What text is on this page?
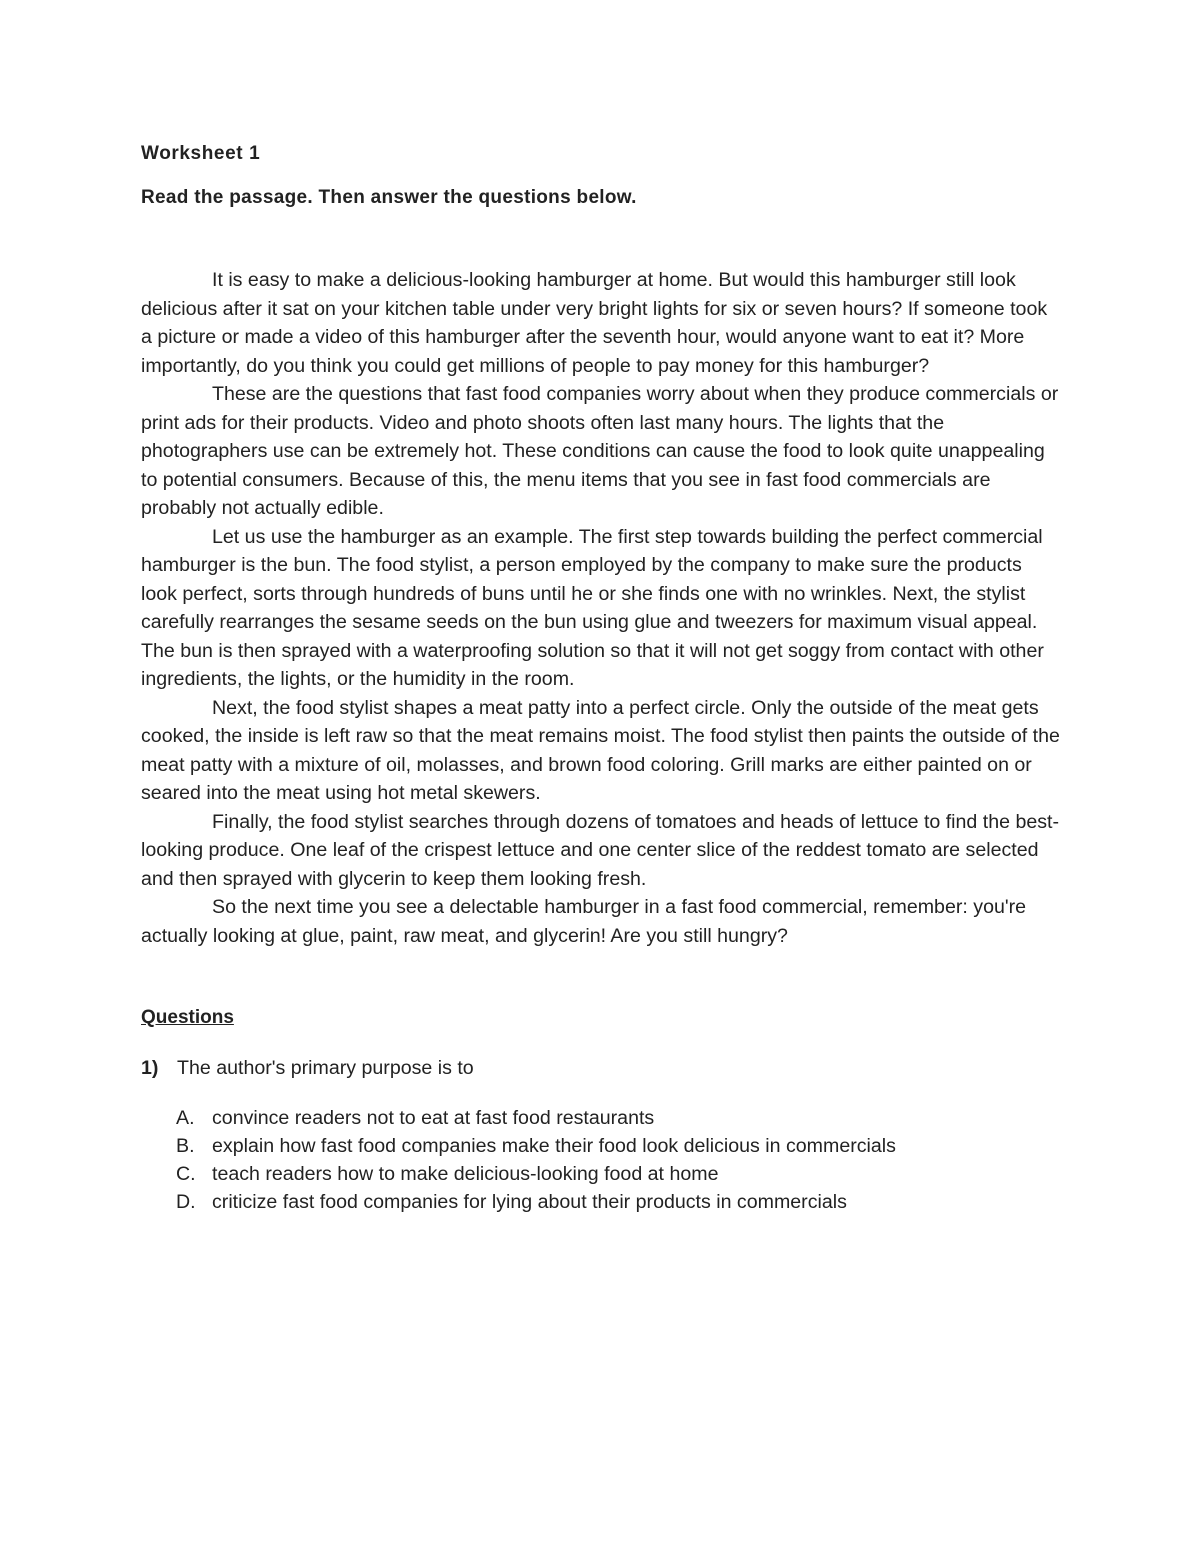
Worksheet 1
Read the passage. Then answer the questions below.

It is easy to make a delicious-looking hamburger at home. But would this hamburger still look delicious after it sat on your kitchen table under very bright lights for six or seven hours? If someone took a picture or made a video of this hamburger after the seventh hour, would anyone want to eat it? More importantly, do you think you could get millions of people to pay money for this hamburger?

These are the questions that fast food companies worry about when they produce commercials or print ads for their products. Video and photo shoots often last many hours. The lights that the photographers use can be extremely hot. These conditions can cause the food to look quite unappealing to potential consumers. Because of this, the menu items that you see in fast food commercials are probably not actually edible.

Let us use the hamburger as an example. The first step towards building the perfect commercial hamburger is the bun. The food stylist, a person employed by the company to make sure the products look perfect, sorts through hundreds of buns until he or she finds one with no wrinkles. Next, the stylist carefully rearranges the sesame seeds on the bun using glue and tweezers for maximum visual appeal. The bun is then sprayed with a waterproofing solution so that it will not get soggy from contact with other ingredients, the lights, or the humidity in the room.

Next, the food stylist shapes a meat patty into a perfect circle. Only the outside of the meat gets cooked, the inside is left raw so that the meat remains moist. The food stylist then paints the outside of the meat patty with a mixture of oil, molasses, and brown food coloring. Grill marks are either painted on or seared into the meat using hot metal skewers.

Finally, the food stylist searches through dozens of tomatoes and heads of lettuce to find the best-looking produce. One leaf of the crispest lettuce and one center slice of the reddest tomato are selected and then sprayed with glycerin to keep them looking fresh.

So the next time you see a delectable hamburger in a fast food commercial, remember: you're actually looking at glue, paint, raw meat, and glycerin! Are you still hungry?

Questions
1) The author's primary purpose is to
A. convince readers not to eat at fast food restaurants
B. explain how fast food companies make their food look delicious in commercials
C. teach readers how to make delicious-looking food at home
D. criticize fast food companies for lying about their products in commercials
